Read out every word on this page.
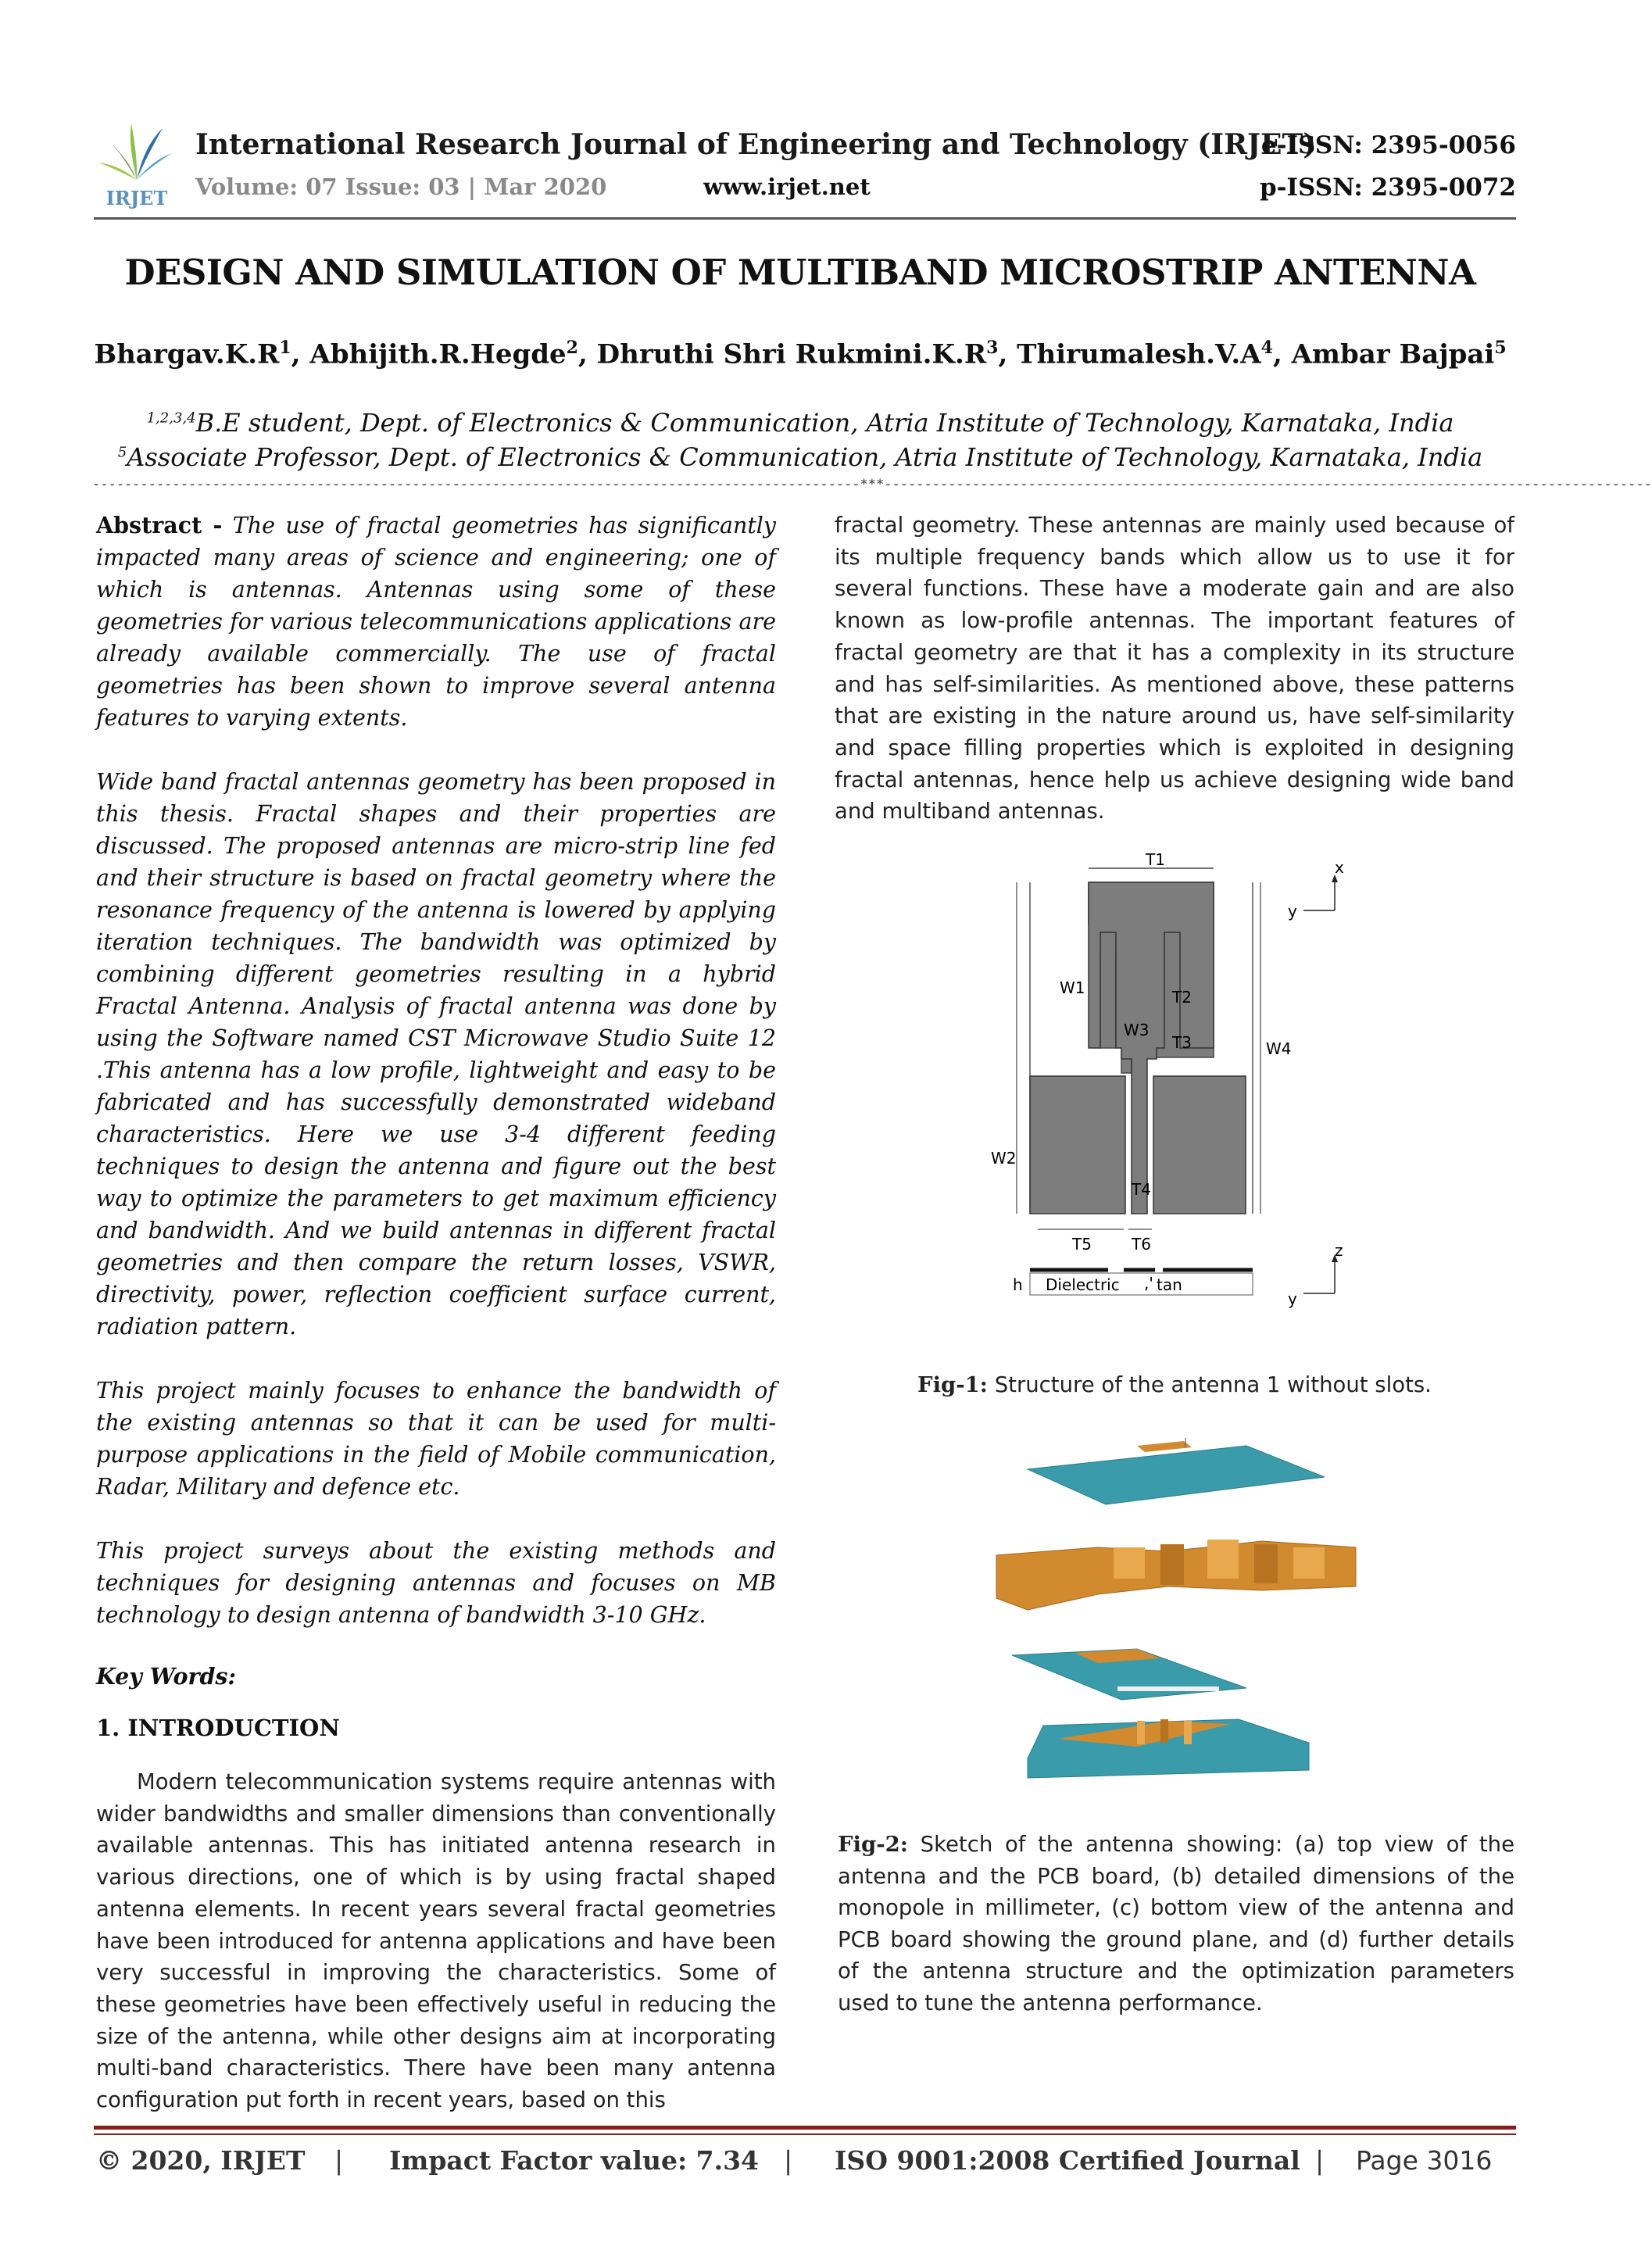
IRJET
International Research Journal of Engineering and Technology (IRJET)
e-ISSN: 2395-0056
Volume: 07 Issue: 03 | Mar 2020	www.irjet.net	p-ISSN: 2395-0072
DESIGN AND SIMULATION OF MULTIBAND MICROSTRIP ANTENNA
$Bhargav.K.R^1$, Abhijith.R.Hegde$^2$, Dhruthi Shri $Rukmini.K.R^3$, $Thirumalesh.V.A^4$, Ambar Bajpai$^5$
$^{1,2,3,4}$B.E student, Dept. of Electronics & Communication, Atria Institute of Technology, Karnataka, India
$^5$Associate Professor, Dept. of Electronics & Communication, Atria Institute of Technology, Karnataka, India
------------------------------------------------------------------------------------------------***------------------------------------------------------------------------------------------------

Abstract - The use of fractal geometries has significantly impacted many areas of science and engineering; one of which is antennas. Antennas using some of these geometries for various telecommunications applications are already available commercially. The use of fractal geometries has been shown to improve several antenna features to varying extents.

Wide band fractal antennas geometry has been proposed in this thesis. Fractal shapes and their properties are discussed. The proposed antennas are micro-strip line fed and their structure is based on fractal geometry where the resonance frequency of the antenna is lowered by applying iteration techniques. The bandwidth was optimized by combining different geometries resulting in a hybrid Fractal Antenna. Analysis of fractal antenna was done by using the Software named CST Microwave Studio Suite 12 .This antenna has a low profile, lightweight and easy to be fabricated and has successfully demonstrated wideband characteristics. Here we use 3-4 different feeding techniques to design the antenna and figure out the best way to optimize the parameters to get maximum efficiency and bandwidth. And we build antennas in different fractal geometries and then compare the return losses, VSWR, directivity, power, reflection coefficient surface current, radiation pattern.

This project mainly focuses to enhance the bandwidth of the existing antennas so that it can be used for multi-purpose applications in the field of Mobile communication, Radar, Military and defence etc.

This project surveys about the existing methods and techniques for designing antennas and focuses on MB technology to design antenna of bandwidth 3-10 GHz.

Key Words:

1. INTRODUCTION

Modern telecommunication systems require antennas with wider bandwidths and smaller dimensions than conventionally available antennas. This has initiated antenna research in various directions, one of which is by using fractal shaped antenna elements. In recent years several fractal geometries have been introduced for antenna applications and have been very successful in improving the characteristics. Some of these geometries have been effectively useful in reducing the size of the antenna, while other designs aim at incorporating multi-band characteristics. There have been many antenna configuration put forth in recent years, based on this

fractal geometry. These antennas are mainly used because of its multiple frequency bands which allow us to use it for several functions. These have a moderate gain and are also known as low-profile antennas. The important features of fractal geometry are that it has a complexity in its structure and has self-similarities. As mentioned above, these patterns that are existing in the nature around us, have self-similarity and space filling properties which is exploited in designing fractal antennas, hence help us achieve designing wide band and multiband antennas.

T1	x
y
W1	T2
W3
T3	W4
W2
T4
T5	T6	z
y
h Dielectric ,' tan

Fig-1: Structure of the antenna 1 without slots.

Fig-2: Sketch of the antenna showing: (a) top view of the antenna and the PCB board, (b) detailed dimensions of the monopole in millimeter, (c) bottom view of the antenna and PCB board showing the ground plane, and (d) further details of the antenna structure and the optimization parameters used to tune the antenna performance.

© 2020, IRJET | Impact Factor value: 7.34 | ISO 9001:2008 Certified Journal | Page 3016
